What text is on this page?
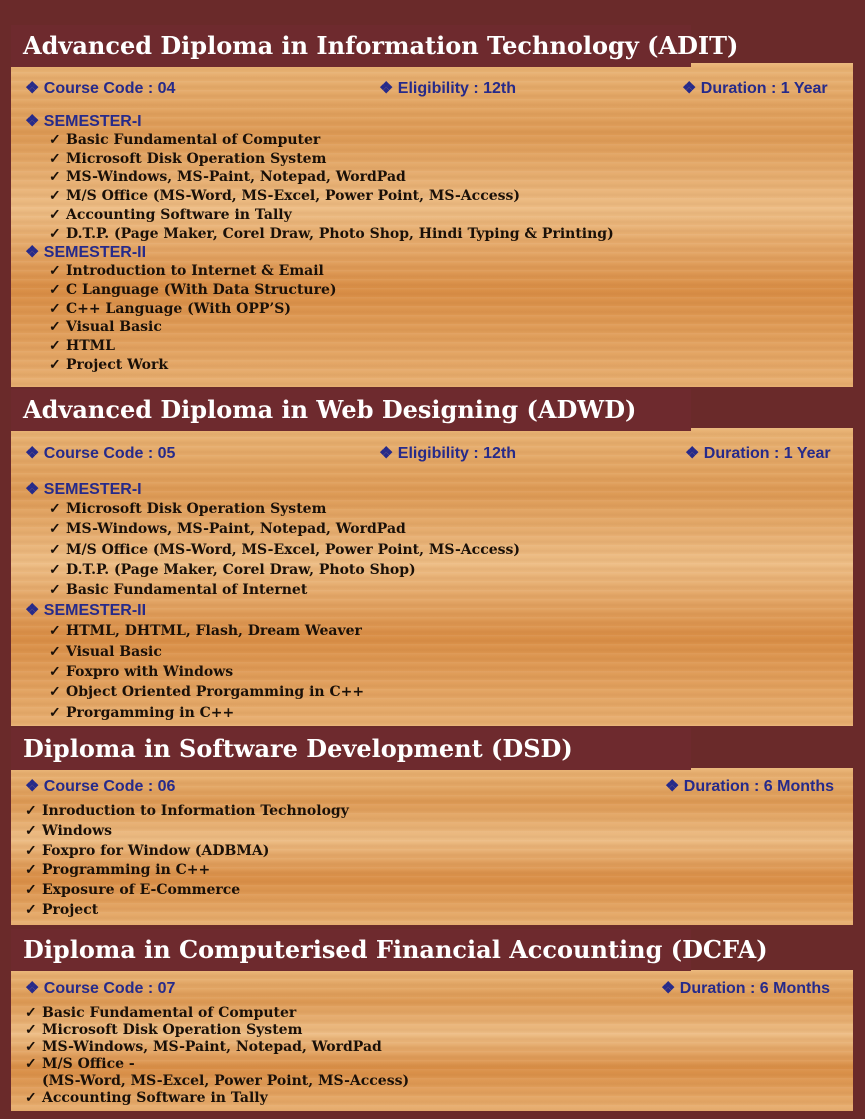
❖ Course Code : 04	❖ Eligibility : 12th	❖ Duration : 1 Year
❖ SEMESTER-I
✓ Basic Fundamental of Computer
✓ Microsoft Disk Operation System
✓ MS-Windows, MS-Paint, Notepad, WordPad
✓ M/S Office (MS-Word, MS-Excel, Power Point, MS-Access)
✓ Accounting Software in Tally
✓ D.T.P. (Page Maker, Corel Draw, Photo Shop, Hindi Typing & Printing)
❖ SEMESTER-II
✓ Introduction to Internet & Email
✓ C Language (With Data Structure)
✓ C++ Language (With OPP’S)
✓ Visual Basic
✓ HTML
✓ Project Work
Advanced Diploma in Information Technology (ADIT)
❖ Course Code : 05	❖ Eligibility : 12th	❖ Duration : 1 Year
❖ SEMESTER-I
✓ Microsoft Disk Operation System
✓ MS-Windows, MS-Paint, Notepad, WordPad
✓ M/S Office (MS-Word, MS-Excel, Power Point, MS-Access)
✓ D.T.P. (Page Maker, Corel Draw, Photo Shop)
✓ Basic Fundamental of Internet
❖ SEMESTER-II
✓ HTML, DHTML, Flash, Dream Weaver
✓ Visual Basic
✓ Foxpro with Windows
✓ Object Oriented Prorgamming in C++
✓ Prorgamming in C++
Advanced Diploma in Web Designing (ADWD)
❖ Course Code : 06	❖ Duration : 6 Months
✓ Inroduction to Information Technology
✓ Windows
✓ Foxpro for Window (ADBMA)
✓ Programming in C++
✓ Exposure of E-Commerce
✓ Project
Diploma in Software Development (DSD)
❖ Course Code : 07	❖ Duration : 6 Months
✓ Basic Fundamental of Computer
✓ Microsoft Disk Operation System
✓ MS-Windows, MS-Paint, Notepad, WordPad
✓ M/S Office -
(MS-Word, MS-Excel, Power Point, MS-Access)
✓ Accounting Software in Tally
Diploma in Computerised Financial Accounting (DCFA)
